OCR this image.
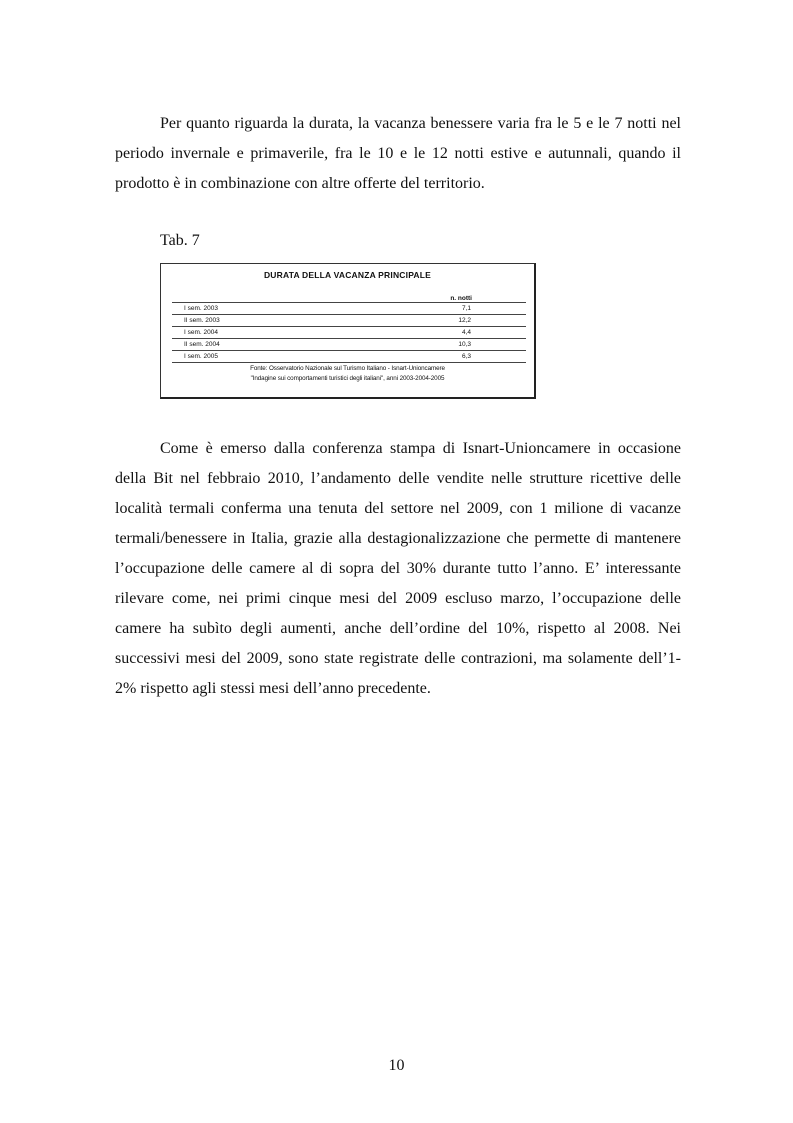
Per quanto riguarda la durata, la vacanza benessere varia fra le 5 e le 7 notti nel periodo invernale e primaverile, fra le 10 e le 12 notti estive e autunnali, quando il prodotto è in combinazione con altre offerte del territorio.

Tab. 7
DURATA DELLA VACANZA PRINCIPALE
n. notti
I sem. 2003	7,1
II sem. 2003	12,2
I sem. 2004	4,4
II sem. 2004	10,3
I sem. 2005	6,3
Fonte: Osservatorio Nazionale sul Turismo Italiano - Isnart-Unioncamere
"Indagine sui comportamenti turistici degli italiani", anni 2003-2004-2005

Come è emerso dalla conferenza stampa di Isnart-Unioncamere in occasione della Bit nel febbraio 2010, l’andamento delle vendite nelle strutture ricettive delle località termali conferma una tenuta del settore nel 2009, con 1 milione di vacanze termali/benessere in Italia, grazie alla destagionalizzazione che permette di mantenere l’occupazione delle camere al di sopra del 30% durante tutto l’anno. E’ interessante rilevare come, nei primi cinque mesi del 2009 escluso marzo, l’occupazione delle camere ha subìto degli aumenti, anche dell’ordine del 10%, rispetto al 2008. Nei successivi mesi del 2009, sono state registrate delle contrazioni, ma solamente dell’1-2% rispetto agli stessi mesi dell’anno precedente.

10
